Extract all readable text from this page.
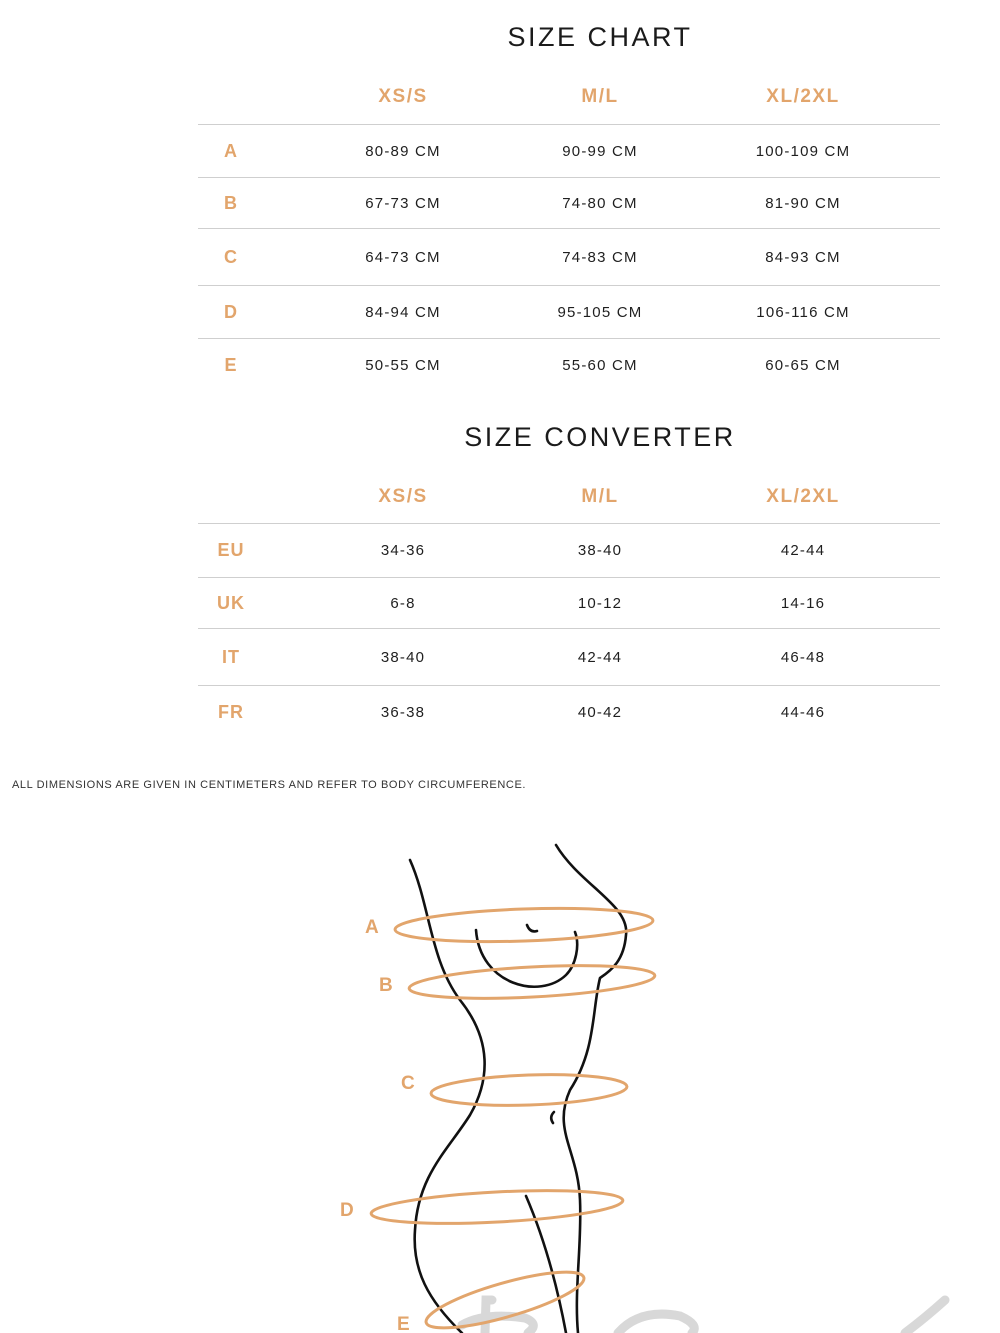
SIZE CHART
XS/S	M/L	XL/2XL
A	80-89 CM	90-99 CM	100-109 CM
B	67-73 CM	74-80 CM	81-90 CM
C	64-73 CM	74-83 CM	84-93 CM
D	84-94 CM	95-105 CM	106-116 CM
E	50-55 CM	55-60 CM	60-65 CM
SIZE CONVERTER
XS/S	M/L	XL/2XL
EU	34-36	38-40	42-44
UK	6-8	10-12	14-16
IT	38-40	42-44	46-48
FR	36-38	40-42	44-46

ALL DIMENSIONS ARE GIVEN IN CENTIMETERS AND REFER TO BODY CIRCUMFERENCE.

A
B
C
D
E
